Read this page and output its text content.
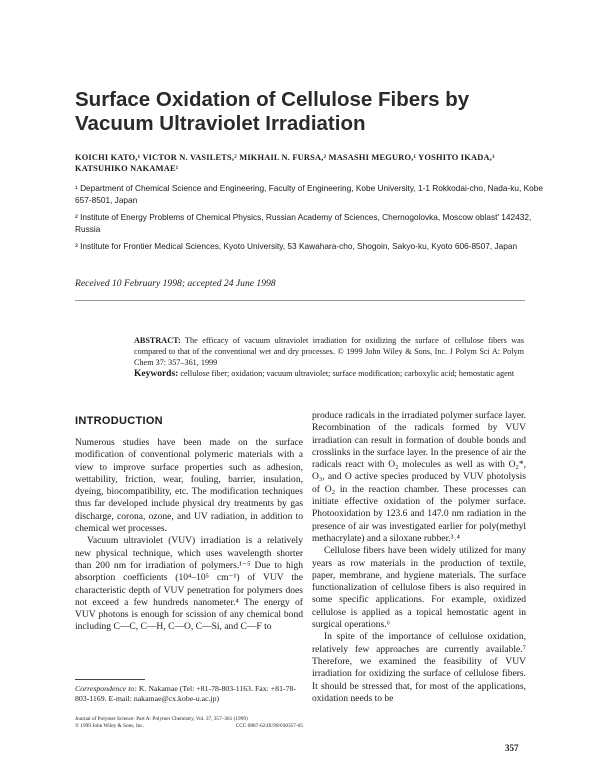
Surface Oxidation of Cellulose Fibers by Vacuum Ultraviolet Irradiation
KOICHI KATO,¹ VICTOR N. VASILETS,² MIKHAIL N. FURSA,² MASASHI MEGURO,¹ YOSHITO IKADA,³ KATSUHIKO NAKAMAE¹
¹ Department of Chemical Science and Engineering, Faculty of Engineering, Kobe University, 1-1 Rokkodai-cho, Nada-ku, Kobe 657-8501, Japan
² Institute of Energy Problems of Chemical Physics, Russian Academy of Sciences, Chernogolovka, Moscow oblast' 142432, Russia
³ Institute for Frontier Medical Sciences, Kyoto University, 53 Kawahara-cho, Shogoin, Sakyo-ku, Kyoto 606-8507, Japan
Received 10 February 1998; accepted 24 June 1998
ABSTRACT: The efficacy of vacuum ultraviolet irradiation for oxidizing the surface of cellulose fibers was compared to that of the conventional wet and dry processes. © 1999 John Wiley & Sons, Inc. J Polym Sci A: Polym Chem 37: 357–361, 1999
Keywords: cellulose fiber; oxidation; vacuum ultraviolet; surface modification; carboxylic acid; hemostatic agent
INTRODUCTION

Numerous studies have been made on the surface modification of conventional polymeric materials with a view to improve surface properties such as adhesion, wettability, friction, wear, fouling, barrier, insulation, dyeing, biocompatibility, etc. The modification techniques thus far developed include physical dry treatments by gas discharge, corona, ozone, and UV radiation, in addition to chemical wet processes.

Vacuum ultraviolet (VUV) irradiation is a relatively new physical technique, which uses wavelength shorter than 200 nm for irradiation of polymers.¹⁻⁵ Due to high absorption coefficients (10⁴–10⁵ cm⁻¹) of VUV the characteristic depth of VUV penetration for polymers does not exceed a few hundreds nanometer.⁴ The energy of VUV photons is enough for scission of any chemical bond including C—C, C—H, C—O, C—Si, and C—F to

produce radicals in the irradiated polymer surface layer. Recombination of the radicals formed by VUV irradiation can result in formation of double bonds and crosslinks in the surface layer. In the presence of air the radicals react with O₂ molecules as well as with O₂*, O₃, and O active species produced by VUV photolysis of O₂ in the reaction chamber. These processes can initiate effective oxidation of the polymer surface. Photooxidation by 123.6 and 147.0 nm radiation in the presence of air was investigated earlier for poly(methyl methacrylate) and a siloxane rubber.³˒⁴

Cellulose fibers have been widely utilized for many years as row materials in the production of textile, paper, membrane, and hygiene materials. The surface functionalization of cellulose fibers is also required in some specific applications. For example, oxidized cellulose is applied as a topical hemostatic agent in surgical operations.⁶

In spite of the importance of cellulose oxidation, relatively few approaches are currently available.⁷ Therefore, we examined the feasibility of VUV irradiation for oxidizing the surface of cellulose fibers. It should be stressed that, for most of the applications, oxidation needs to be

Correspondence to: K. Nakamae (Tel: +81-78-803-1163. Fax: +81-78-803-1169. E-mail: nakamae@cx.kobe-u.ac.jp)
Journal of Polymer Science: Part A: Polymer Chemistry, Vol. 37, 357–361 (1999)
© 1999 John Wiley & Sons, Inc.	CCC 0887-624X/99/030357-05
357
